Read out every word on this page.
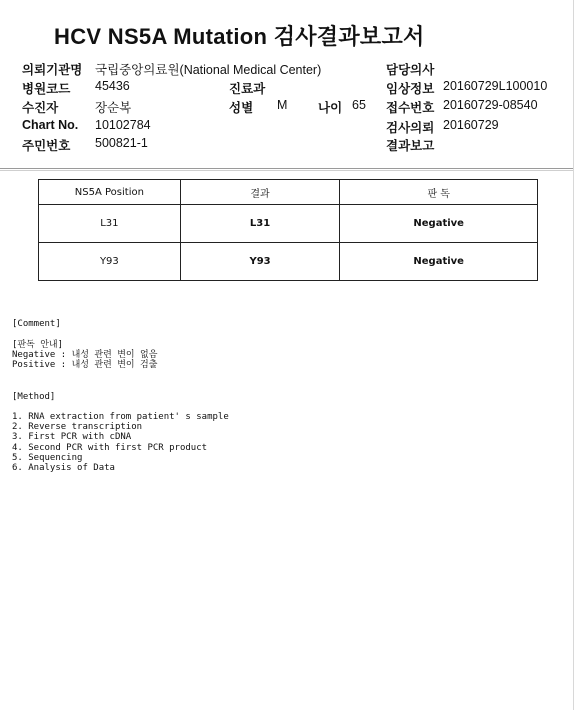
HCV NS5A Mutation 검사결과보고서
의뢰기관명 국립중앙의료원(National Medical Center)	담당의사
병원코드 45436	진료과	임상정보 20160729L100010
수진자	장순복	성별 M 나이 65 접수번호 20160729-08540
Chart No. 10102784	검사의뢰 20160729
주민번호 500821-1	결과보고
NS5A Position	결과	판 독
L31	L31	Negative
Y93	Y93	Negative
[Comment]
[판독 안내]
Negative : 내성 관련 변이 없음
Positive : 내성 관련 변이 검출
[Method]
1. RNA extraction from patient' s sample
2. Reverse transcription
3. First PCR with cDNA
4. Second PCR with first PCR product
5. Sequencing
6. Analysis of Data
